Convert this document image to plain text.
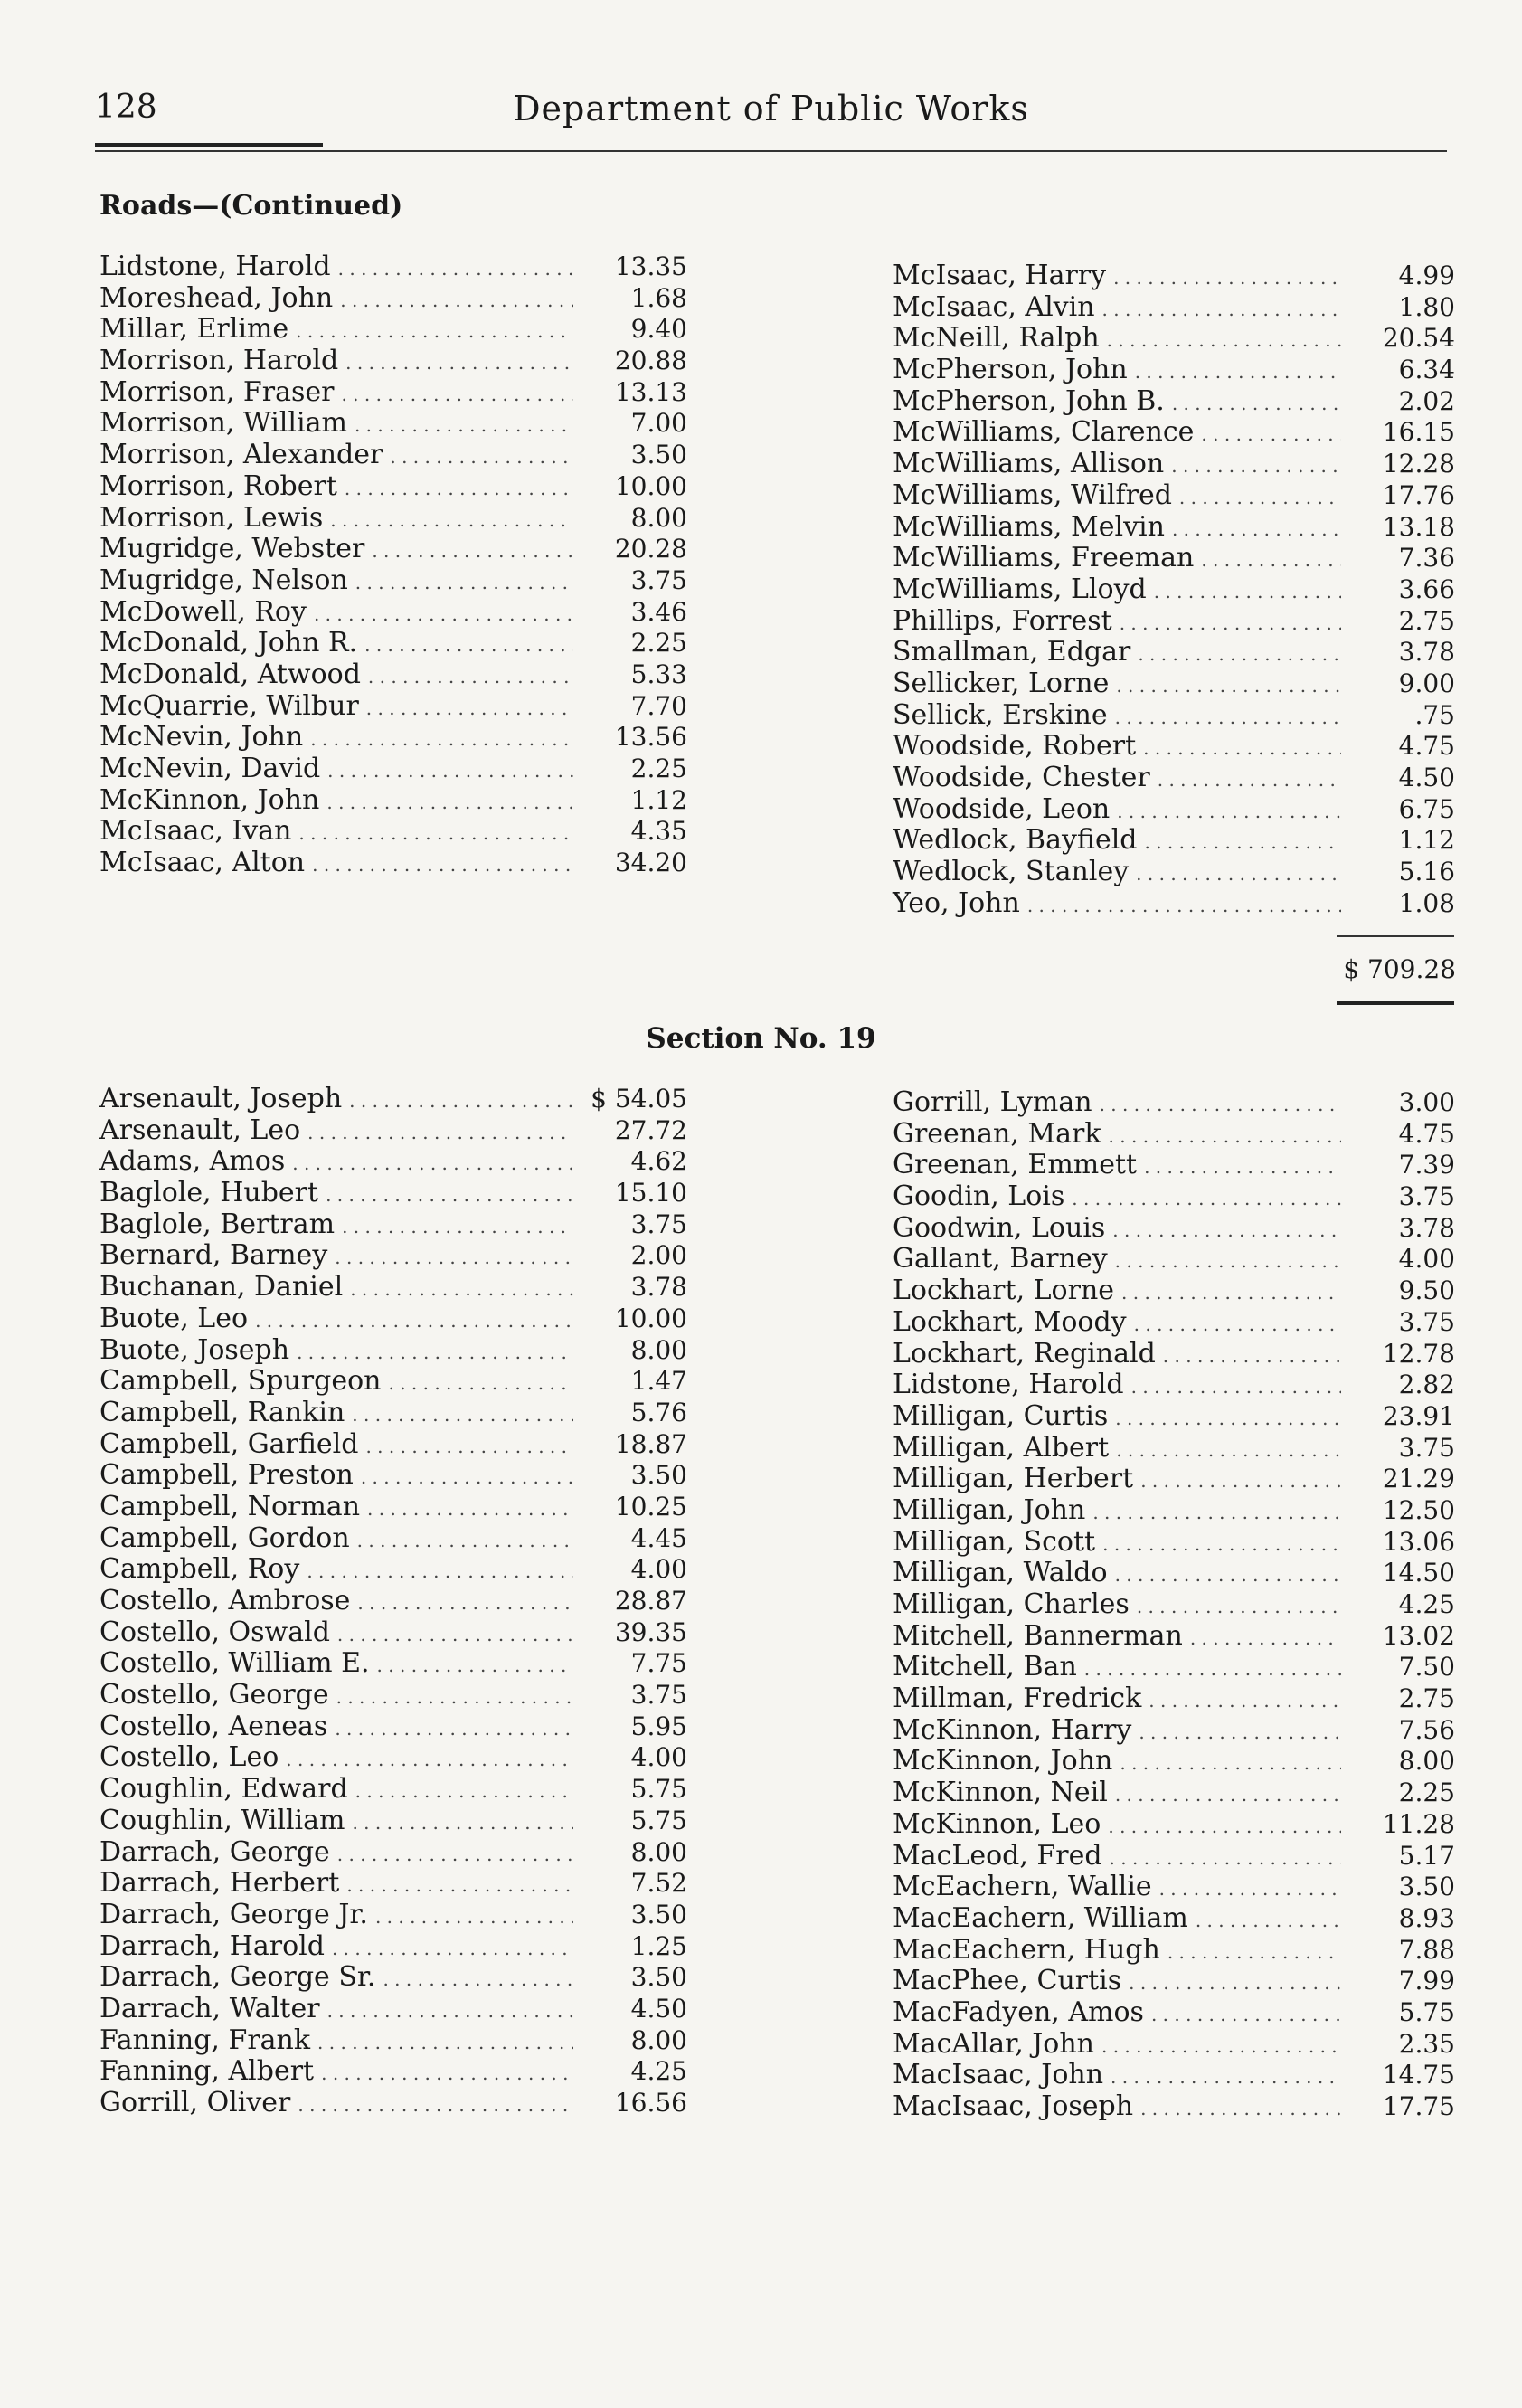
128	Department of Public Works
Roads—(Continued)
Lidstone, Harold . . .	13.35
Moreshead, John . . .	1.68
Millar, Erlime . . .	9.40
Morrison, Harold . . .	20.88
Morrison, Fraser . . .	13.13
Morrison, William . . .	7.00
Morrison, Alexander . . .	3.50
Morrison, Robert . . .	10.00
Morrison, Lewis . . .	8.00
Mugridge, Webster . . .	20.28
Mugridge, Nelson . . .	3.75
McDowell, Roy . . .	3.46
McDonald, John R. . . .	2.25
McDonald, Atwood . . .	5.33
McQuarrie, Wilbur . . .	7.70
McNevin, John . . .	13.56
McNevin, David . . .	2.25
McKinnon, John . . .	1.12
McIsaac, Ivan . . .	4.35
McIsaac, Alton . . .	34.20
McIsaac, Harry . . .	4.99
McIsaac, Alvin . . .	1.80
McNeill, Ralph . . .	20.54
McPherson, John . . .	6.34
McPherson, John B. . . .	2.02
McWilliams, Clarence . . .	16.15
McWilliams, Allison . . .	12.28
McWilliams, Wilfred . . .	17.76
McWilliams, Melvin . . .	13.18
McWilliams, Freeman . . .	7.36
McWilliams, Lloyd . . .	3.66
Phillips, Forrest . . .	2.75
Smallman, Edgar . . .	3.78
Sellicker, Lorne . . .	9.00
Sellick, Erskine . . .	.75
Woodside, Robert . . .	4.75
Woodside, Chester . . .	4.50
Woodside, Leon . . .	6.75
Wedlock, Bayfield . . .	1.12
Wedlock, Stanley . . .	5.16
Yeo, John . . .	1.08
$ 709.28
Section No. 19
Arsenault, Joseph . . .	$ 54.05
Arsenault, Leo . . .	27.72
Adams, Amos . . .	4.62
Baglole, Hubert . . .	15.10
Baglole, Bertram . . .	3.75
Bernard, Barney . . .	2.00
Buchanan, Daniel . . .	3.78
Buote, Leo . . .	10.00
Buote, Joseph . . .	8.00
Campbell, Spurgeon . . .	1.47
Campbell, Rankin . . .	5.76
Campbell, Garfield . . .	18.87
Campbell, Preston . . .	3.50
Campbell, Norman . . .	10.25
Campbell, Gordon . . .	4.45
Campbell, Roy . . .	4.00
Costello, Ambrose . . .	28.87
Costello, Oswald . . .	39.35
Costello, William E. . . .	7.75
Costello, George . . .	3.75
Costello, Aeneas . . .	5.95
Costello, Leo . . .	4.00
Coughlin, Edward . . .	5.75
Coughlin, William . . .	5.75
Darrach, George . . .	8.00
Darrach, Herbert . . .	7.52
Darrach, George Jr. . . .	3.50
Darrach, Harold . . .	1.25
Darrach, George Sr. . . .	3.50
Darrach, Walter . . .	4.50
Fanning, Frank . . .	8.00
Fanning, Albert . . .	4.25
Gorrill, Oliver . . .	16.56
Gorrill, Lyman . . .	3.00
Greenan, Mark . . .	4.75
Greenan, Emmett . . .	7.39
Goodin, Lois . . .	3.75
Goodwin, Louis . . .	3.78
Gallant, Barney . . .	4.00
Lockhart, Lorne . . .	9.50
Lockhart, Moody . . .	3.75
Lockhart, Reginald . . .	12.78
Lidstone, Harold . . .	2.82
Milligan, Curtis . . .	23.91
Milligan, Albert . . .	3.75
Milligan, Herbert . . .	21.29
Milligan, John . . .	12.50
Milligan, Scott . . .	13.06
Milligan, Waldo . . .	14.50
Milligan, Charles . . .	4.25
Mitchell, Bannerman . . .	13.02
Mitchell, Ban . . .	7.50
Millman, Fredrick . . .	2.75
McKinnon, Harry . . .	7.56
McKinnon, John . . .	8.00
McKinnon, Neil . . .	2.25
McKinnon, Leo . . .	11.28
MacLeod, Fred . . .	5.17
McEachern, Wallie . . .	3.50
MacEachern, William . . .	8.93
MacEachern, Hugh . . .	7.88
MacPhee, Curtis . . .	7.99
MacFadyen, Amos . . .	5.75
MacAllar, John . . .	2.35
MacIsaac, John . . .	14.75
MacIsaac, Joseph . . .	17.75
